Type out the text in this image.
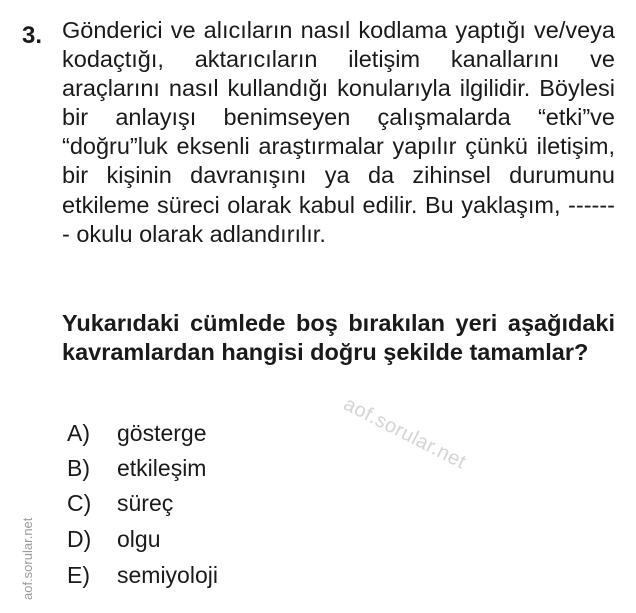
3. Gönderici ve alıcıların nasıl kodlama yaptığı ve/veya kodaçtığı, aktarıcıların iletişim kanallarını ve araçlarını nasıl kullandığı konularıyla ilgilidir. Böylesi bir anlayışı benimseyen çalışmalarda “etki”ve “doğru”luk eksenli araştırmalar yapılır çünkü iletişim, bir kişinin davranışını ya da zihinsel durumunu etkileme süreci olarak kabul edilir. Bu yaklaşım, ------- okulu olarak adlandırılır.
Yukarıdaki cümlede boş bırakılan yeri aşağıdaki kavramlardan hangisi doğru şekilde tamamlar?
A)	gösterge
B)	etkileşim
C)	süreç
D)	olgu
E)	semiyoloji
aof.sorular.net
aof.sorular.net
